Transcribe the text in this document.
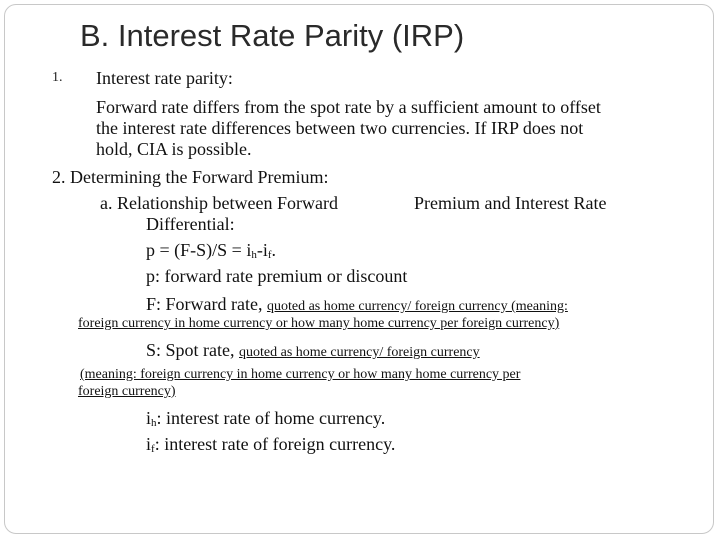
B. Interest Rate Parity (IRP)
1. Interest rate parity:
Forward rate differs from the spot rate by a sufficient amount to offset
the interest rate differences between two currencies. If IRP does not
hold, CIA is possible.
2. Determining the Forward Premium:
a. Relationship between Forward	Premium and Interest Rate
Differential:
$p = (F-S)/S = i_h-i_f$.
p: forward rate premium or discount
F: Forward rate, quoted as home currency/ foreign currency (meaning:
foreign currency in home currency or how many home currency per foreign currency)
S: Spot rate, quoted as home currency/ foreign currency
(meaning: foreign currency in home currency or how many home currency per
foreign currency)
$i_h$: interest rate of home currency.
$i_f$: interest rate of foreign currency.
